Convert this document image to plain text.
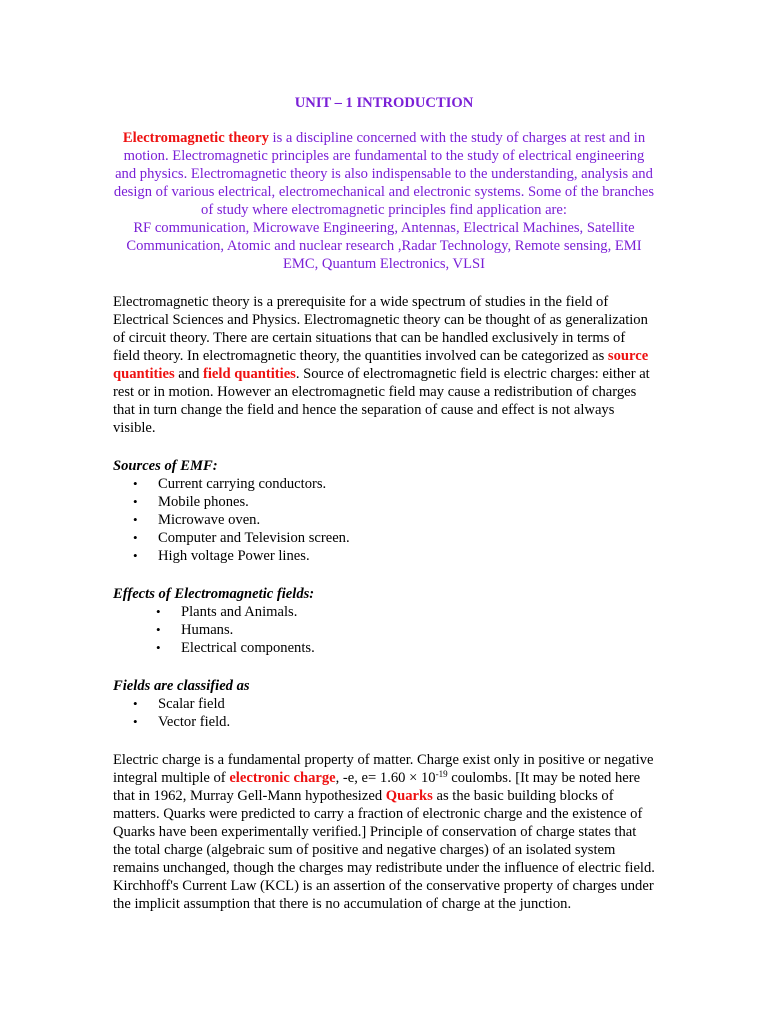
UNIT – 1 INTRODUCTION

Electromagnetic theory is a discipline concerned with the study of charges at rest and in motion. Electromagnetic principles are fundamental to the study of electrical engineering and physics. Electromagnetic theory is also indispensable to the understanding, analysis and design of various electrical, electromechanical and electronic systems. Some of the branches of study where electromagnetic principles find application are:
RF communication, Microwave Engineering, Antennas, Electrical Machines, Satellite Communication, Atomic and nuclear research ,Radar Technology, Remote sensing, EMI EMC, Quantum Electronics, VLSI

Electromagnetic theory is a prerequisite for a wide spectrum of studies in the field of Electrical Sciences and Physics. Electromagnetic theory can be thought of as generalization of circuit theory. There are certain situations that can be handled exclusively in terms of field theory. In electromagnetic theory, the quantities involved can be categorized as source quantities and field quantities. Source of electromagnetic field is electric charges: either at rest or in motion. However an electromagnetic field may cause a redistribution of charges that in turn change the field and hence the separation of cause and effect is not always visible.

Sources of EMF:
• Current carrying conductors.
• Mobile phones.
• Microwave oven.
• Computer and Television screen.
• High voltage Power lines.
Effects of Electromagnetic fields:
• Plants and Animals.
• Humans.
• Electrical components.
Fields are classified as
• Scalar field
• Vector field.

Electric charge is a fundamental property of matter. Charge exist only in positive or negative integral multiple of electronic charge, -e, $e= 1.60 \times 10^{-19}$ coulombs. [It may be noted here that in 1962, Murray Gell-Mann hypothesized Quarks as the basic building blocks of matters. Quarks were predicted to carry a fraction of electronic charge and the existence of Quarks have been experimentally verified.] Principle of conservation of charge states that the total charge (algebraic sum of positive and negative charges) of an isolated system remains unchanged, though the charges may redistribute under the influence of electric field. Kirchhoff's Current Law (KCL) is an assertion of the conservative property of charges under the implicit assumption that there is no accumulation of charge at the junction.
